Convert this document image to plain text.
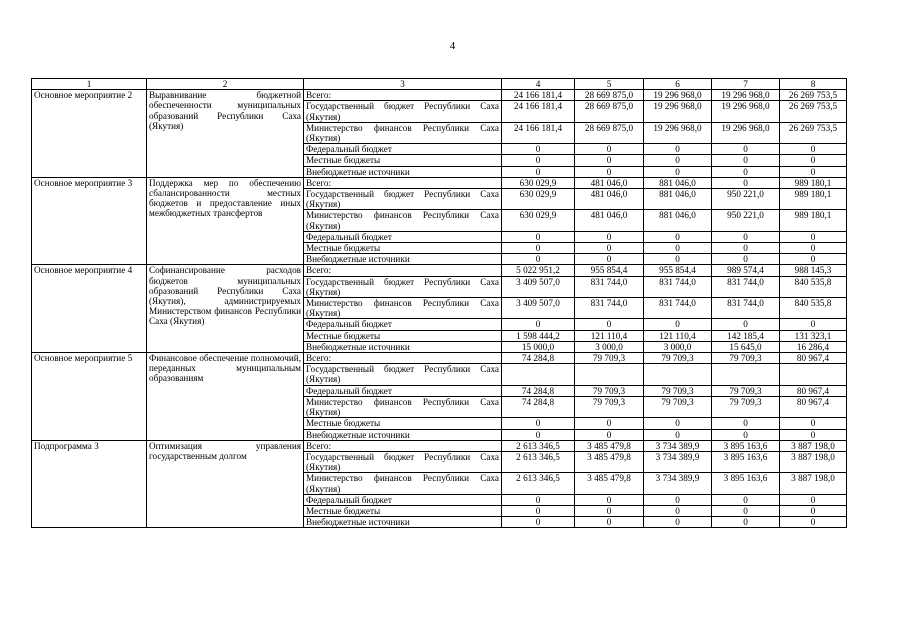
4
1	2	3	4	5	6	7	8
Основное мероприятие 2	Выравнивание бюджетной обеспеченности муниципальных образований Республики Саха (Якутия)	Всего:	24 166 181,4	28 669 875,0	19 296 968,0	19 296 968,0	26 269 753,5
		Государственный бюджет Республики Саха (Якутия)	24 166 181,4	28 669 875,0	19 296 968,0	19 296 968,0	26 269 753,5
		Министерство финансов Республики Саха (Якутия)	24 166 181,4	28 669 875,0	19 296 968,0	19 296 968,0	26 269 753,5
		Федеральный бюджет	0	0	0	0	0
		Местные бюджеты	0	0	0	0	0
		Внебюджетные источники	0	0	0	0	0
Основное мероприятие 3	Поддержка мер по обеспечению сбалансированности местных бюджетов и предоставление иных межбюджетных трансфертов	Всего:	630 029,9	481 046,0	881 046,0	0	989 180,1
		Государственный бюджет Республики Саха (Якутия)	630 029,9	481 046,0	881 046,0	950 221,0	989 180,1
		Министерство финансов Республики Саха (Якутия)	630 029,9	481 046,0	881 046,0	950 221,0	989 180,1
		Федеральный бюджет	0	0	0	0	0
		Местные бюджеты	0	0	0	0	0
		Внебюджетные источники	0	0	0	0	0
Основное мероприятие 4	Софинансирование расходов бюджетов муниципальных образований Республики Саха (Якутия), администрируемых Министерством финансов Республики Саха (Якутия)	Всего:	5 022 951,2	955 854,4	955 854,4	989 574,4	988 145,3
		Государственный бюджет Республики Саха (Якутия)	3 409 507,0	831 744,0	831 744,0	831 744,0	840 535,8
		Министерство финансов Республики Саха (Якутия)	3 409 507,0	831 744,0	831 744,0	831 744,0	840 535,8
		Федеральный бюджет	0	0	0	0	0
		Местные бюджеты	1 598 444,2	121 110,4	121 110,4	142 185,4	131 323,1
		Внебюджетные источники	15 000,0	3 000,0	3 000,0	15 645,0	16 286,4
Основное мероприятие 5	Финансовое обеспечение полномочий, переданных муниципальным образованиям	Всего:	74 284,8	79 709,3	79 709,3	79 709,3	80 967,4
		Государственный бюджет Республики Саха (Якутия)					
		Федеральный бюджет	74 284,8	79 709,3	79 709,3	79 709,3	80 967,4
		Министерство финансов Республики Саха (Якутия)	74 284,8	79 709,3	79 709,3	79 709,3	80 967,4
		Местные бюджеты	0	0	0	0	0
		Внебюджетные источники	0	0	0	0	0
Подпрограмма 3	Оптимизация управления государственным долгом	Всего:	2 613 346,5	3 485 479,8	3 734 389,9	3 895 163,6	3 887 198,0
		Государственный бюджет Республики Саха (Якутия)	2 613 346,5	3 485 479,8	3 734 389,9	3 895 163,6	3 887 198,0
		Министерство финансов Республики Саха (Якутия)	2 613 346,5	3 485 479,8	3 734 389,9	3 895 163,6	3 887 198,0
		Федеральный бюджет	0	0	0	0	0
		Местные бюджеты	0	0	0	0	0
		Внебюджетные источники	0	0	0	0	0
